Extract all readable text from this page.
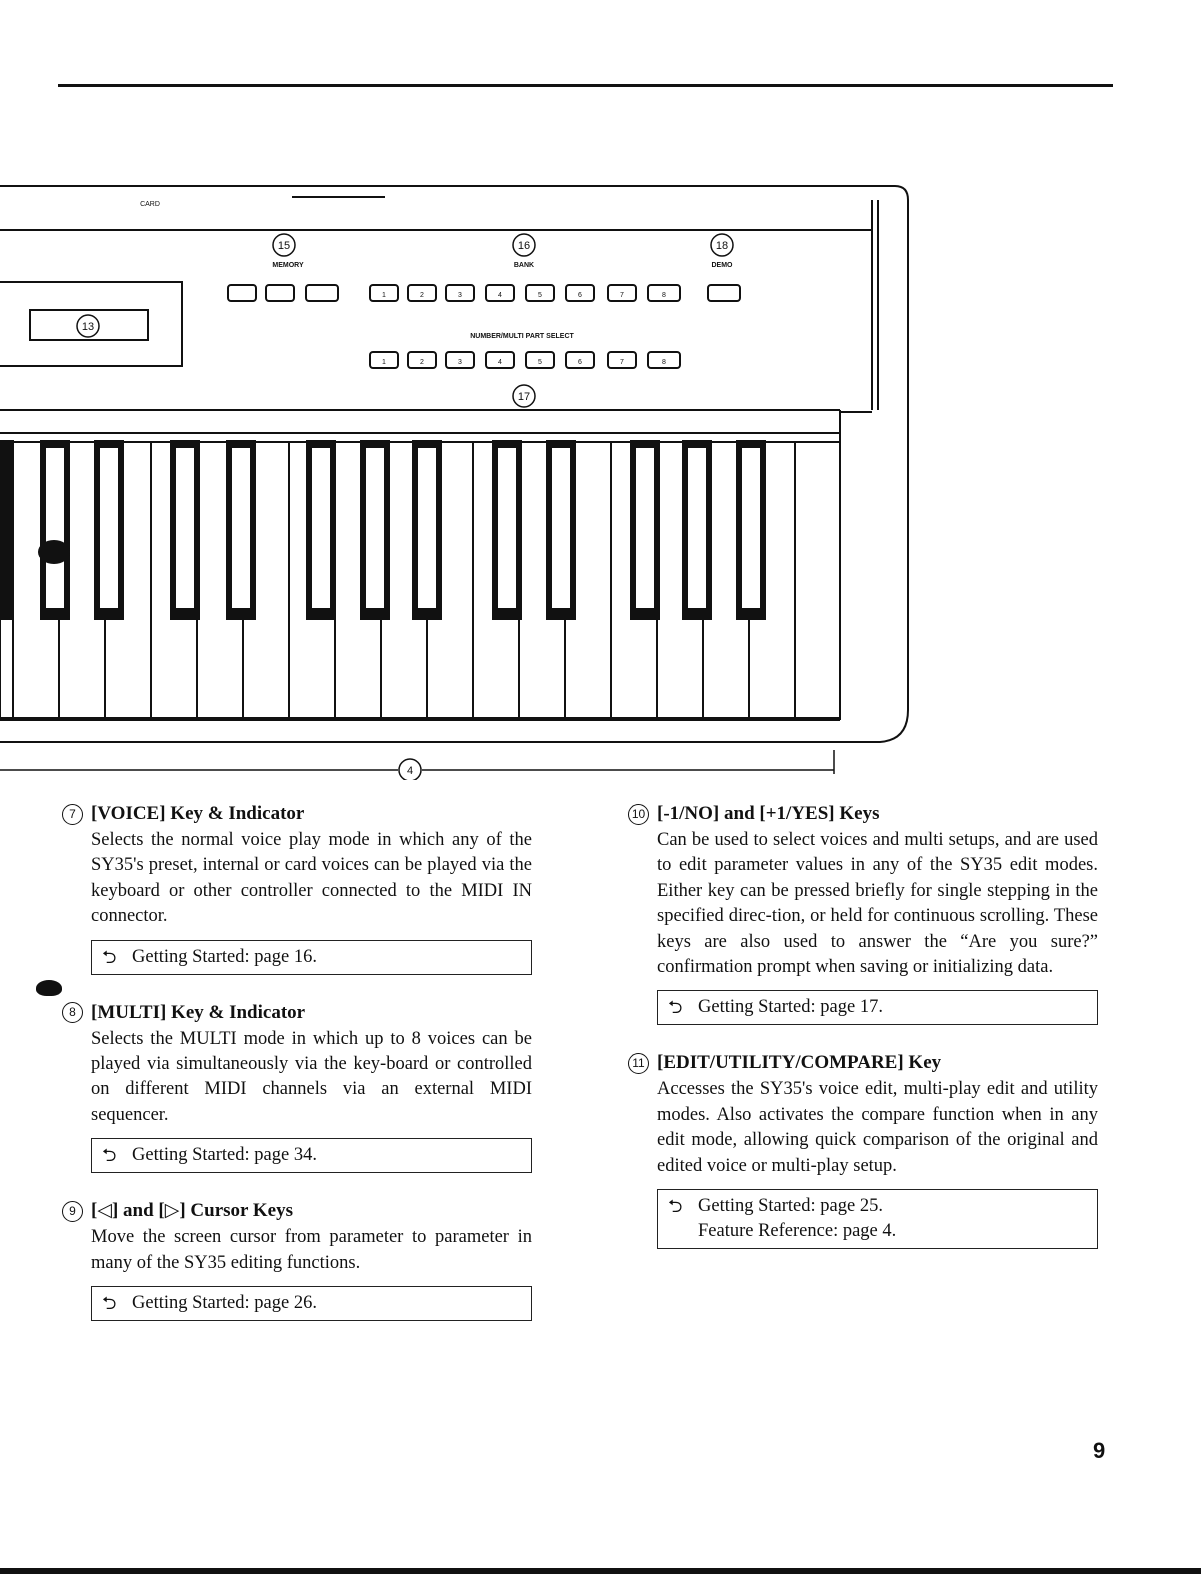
1	2	3	4	5	6	7	8
1	2	3	4	5	6	7	8
MEMORY	BANK	DEMO
CARD
NUMBER/MULTI PART SELECT
13
15	16	18
17
4
7 [VOICE] Key & Indicator
Selects the normal voice play mode in which any of the SY35's preset, internal or card voices can be played via the keyboard or other controller connected to the MIDI IN connector.
⮌ Getting Started: page 16.
8 [MULTI] Key & Indicator
Selects the MULTI mode in which up to 8 voices can be played via simultaneously via the key-board or controlled on different MIDI channels via an external MIDI sequencer.
⮌ Getting Started: page 34.
9 [◁] and [▷] Cursor Keys
Move the screen cursor from parameter to parameter in many of the SY35 editing functions.
⮌ Getting Started: page 26.
10 [-1/NO] and [+1/YES] Keys
Can be used to select voices and multi setups, and are used to edit parameter values in any of the SY35 edit modes. Either key can be pressed briefly for single stepping in the specified direc-tion, or held for continuous scrolling. These keys are also used to answer the “Are you sure?” confirmation prompt when saving or initializing data.
⮌ Getting Started: page 17.
11 [EDIT/UTILITY/COMPARE] Key
Accesses the SY35's voice edit, multi-play edit and utility modes. Also activates the compare function when in any edit mode, allowing quick comparison of the original and edited voice or multi-play setup.
⮌ Getting Started: page 25.
Feature Reference: page 4.
9
